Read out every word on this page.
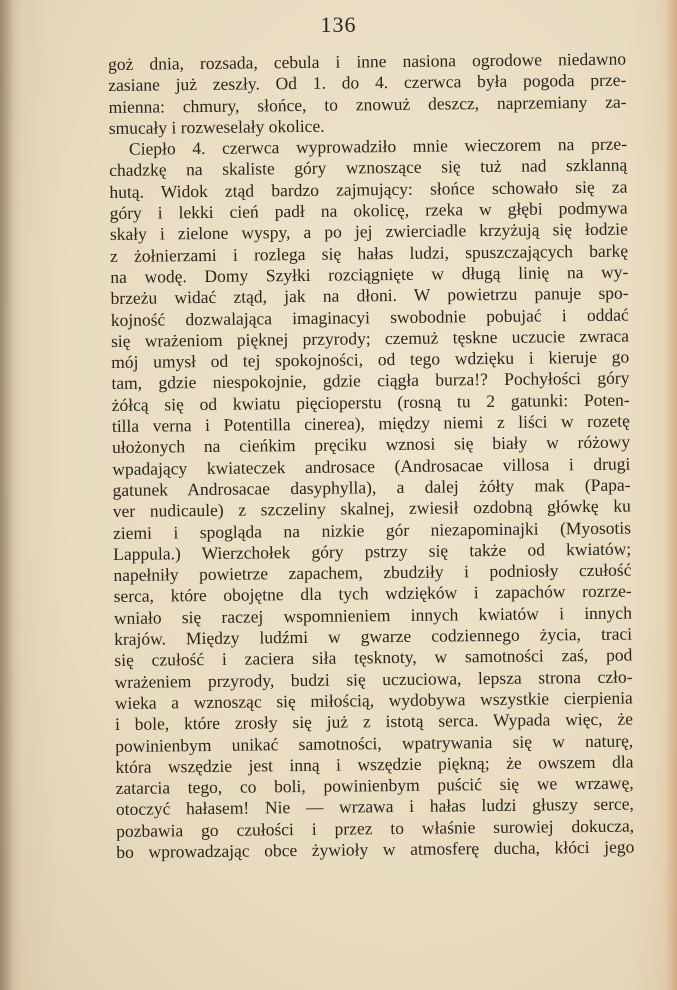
136
goż dnia, rozsada, cebula i inne nasiona ogrodowe niedawno
zasiane już zeszły. Od 1. do 4. czerwca była pogoda prze-
mienna: chmury, słońce, to znowuż deszcz, naprzemiany za-
smucały i rozweselały okolice.
Ciepło 4. czerwca wyprowadziło mnie wieczorem na prze-
chadzkę na skaliste góry wznoszące się tuż nad szklanną
hutą. Widok ztąd bardzo zajmujący: słońce schowało się za
góry i lekki cień padł na okolicę, rzeka w głębi podmywa
skały i zielone wyspy, a po jej zwierciadle krzyżują się łodzie
z żołnierzami i rozlega się hałas ludzi, spuszczających barkę
na wodę. Domy Szyłki rozciągnięte w długą linię na wy-
brzeżu widać ztąd, jak na dłoni. W powietrzu panuje spo-
kojność dozwalająca imaginacyi swobodnie pobujać i oddać
się wrażeniom pięknej przyrody; czemuż tęskne uczucie zwraca
mój umysł od tej spokojności, od tego wdzięku i kieruje go
tam, gdzie niespokojnie, gdzie ciągła burza!? Pochyłości góry
żółcą się od kwiatu pięcioperstu (rosną tu 2 gatunki: Poten-
tilla verna i Potentilla cinerea), między niemi z liści w rozetę
ułożonych na cieńkim pręciku wznosi się biały w różowy
wpadający kwiateczek androsace (Androsacae villosa i drugi
gatunek Androsacae dasyphylla), a dalej żółty mak (Papa-
ver nudicaule) z szczeliny skalnej, zwiesił ozdobną główkę ku
ziemi i spogląda na nizkie gór niezapominajki (Myosotis
Lappula.) Wierzchołek góry pstrzy się także od kwiatów;
napełniły powietrze zapachem, zbudziły i podniosły czułość
serca, które obojętne dla tych wdzięków i zapachów rozrze-
wniało się raczej wspomnieniem innych kwiatów i innych
krajów. Między ludźmi w gwarze codziennego życia, traci
się czułość i zaciera siła tęsknoty, w samotności zaś, pod
wrażeniem przyrody, budzi się uczuciowa, lepsza strona czło-
wieka a wznosząc się miłością, wydobywa wszystkie cierpienia
i bole, które zrosły się już z istotą serca. Wypada więc, że
powinienbym unikać samotności, wpatrywania się w naturę,
która wszędzie jest inną i wszędzie piękną; że owszem dla
zatarcia tego, co boli, powinienbym puścić się we wrzawę,
otoczyć hałasem! Nie — wrzawa i hałas ludzi głuszy serce,
pozbawia go czułości i przez to właśnie surowiej dokucza,
bo wprowadzając obce żywioły w atmosferę ducha, kłóci jego
